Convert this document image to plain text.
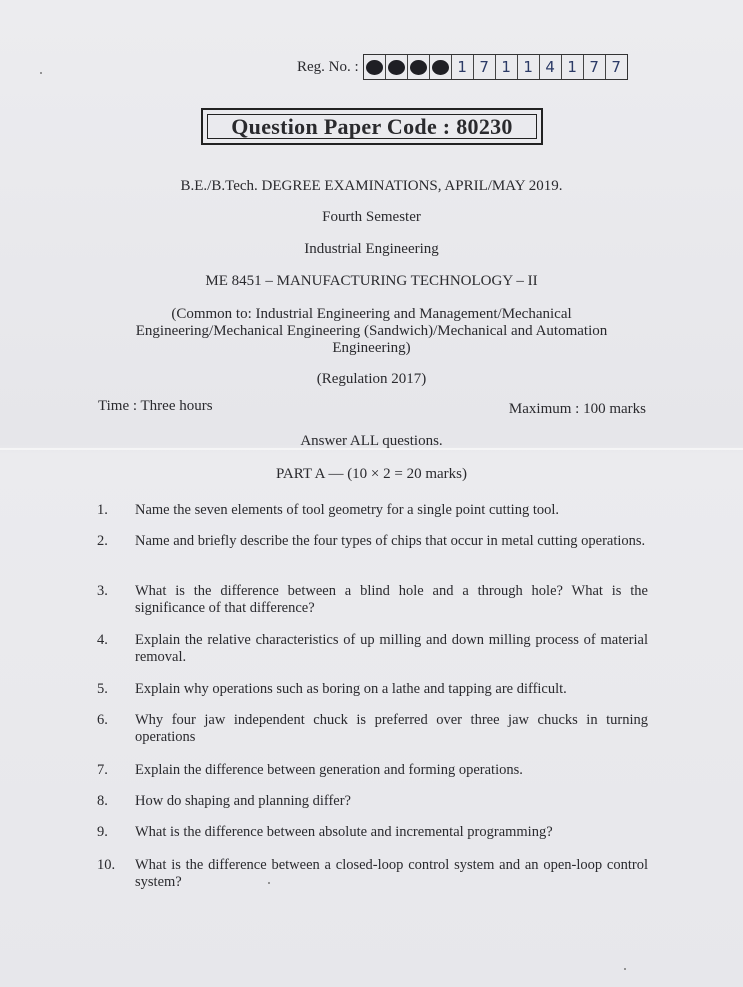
Reg. No. :	1 7 1 1 4 1 7 7
Question Paper Code : 80230
B.E./B.Tech. DEGREE EXAMINATIONS, APRIL/MAY 2019.
Fourth Semester
Industrial Engineering
ME 8451 – MANUFACTURING TECHNOLOGY – II
(Common to: Industrial Engineering and Management/Mechanical
Engineering/Mechanical Engineering (Sandwich)/Mechanical and Automation
Engineering)
(Regulation 2017)
Time : Three hours	Maximum : 100 marks
Answer ALL questions.
PART A — (10 × 2 = 20 marks)
1.	Name the seven elements of tool geometry for a single point cutting tool.
2.	Name and briefly describe the four types of chips that occur in metal cutting operations.
3.	What is the difference between a blind hole and a through hole? What is the significance of that difference?
4.	Explain the relative characteristics of up milling and down milling process of material removal.
5.	Explain why operations such as boring on a lathe and tapping are difficult.
6.	Why four jaw independent chuck is preferred over three jaw chucks in turning operations
7.	Explain the difference between generation and forming operations.
8.	How do shaping and planning differ?
9.	What is the difference between absolute and incremental programming?
10.	What is the difference between a closed-loop control system and an open-loop control system?
